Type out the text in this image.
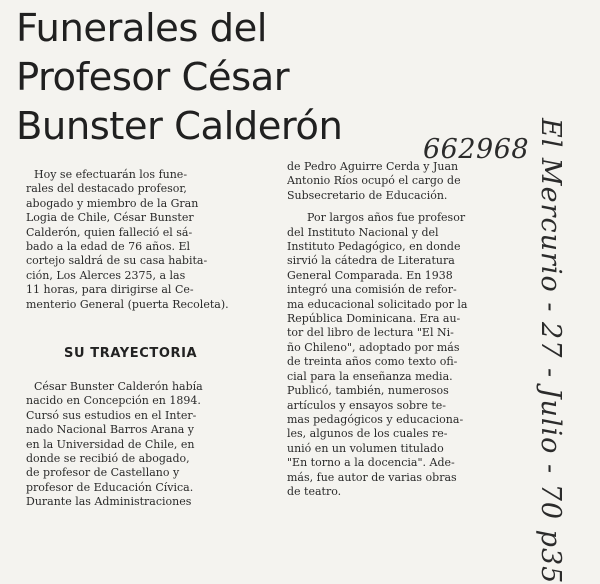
Funerales del
Profesor César
Bunster Calderón
662968 El Mercurio - 27 - Julio - 70 p35
Hoy se efectuarán los fune-
rales del destacado profesor,
abogado y miembro de la Gran
Logia de Chile, César Bunster
Calderón, quien falleció el sá-
bado a la edad de 76 años. El
cortejo saldrá de su casa habita-
ción, Los Alerces 2375, a las
11 horas, para dirigirse al Ce-
menterio General (puerta Recoleta).
SU TRAYECTORIA
César Bunster Calderón había
nacido en Concepción en 1894.
Cursó sus estudios en el Inter-
nado Nacional Barros Arana y
en la Universidad de Chile, en
donde se recibió de abogado,
de profesor de Castellano y
profesor de Educación Cívica.
Durante las Administraciones
de Pedro Aguirre Cerda y Juan
Antonio Ríos ocupó el cargo de
Subsecretario de Educación.
Por largos años fue profesor
del Instituto Nacional y del
Instituto Pedagógico, en donde
sirvió la cátedra de Literatura
General Comparada. En 1938
integró una comisión de refor-
ma educacional solicitado por la
República Dominicana. Era au-
tor del libro de lectura "El Ni-
ño Chileno", adoptado por más
de treinta años como texto ofi-
cial para la enseñanza media.
Publicó, también, numerosos
artículos y ensayos sobre te-
mas pedagógicos y educaciona-
les, algunos de los cuales re-
unió en un volumen titulado
"En torno a la docencia". Ade-
más, fue autor de varias obras
de teatro.
